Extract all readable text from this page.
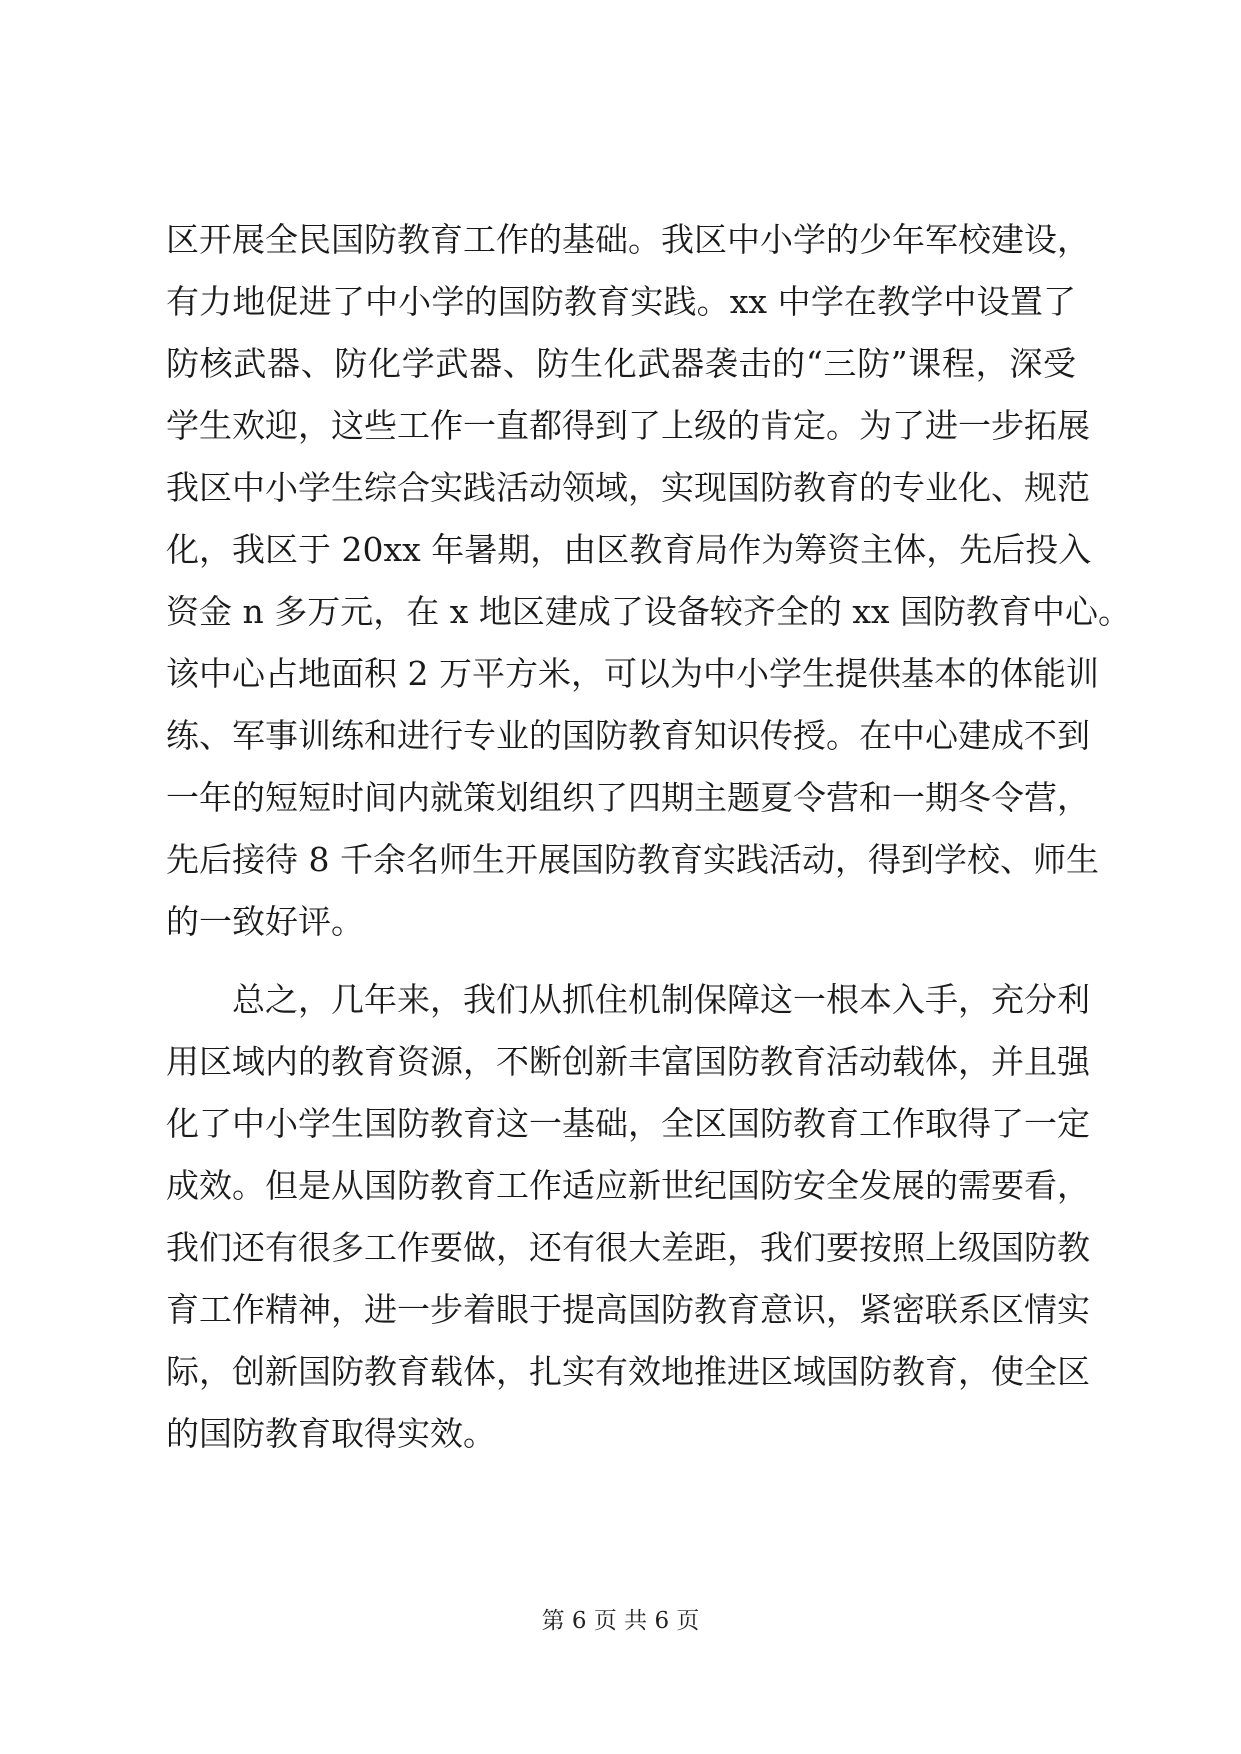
区开展全民国防教育工作的基础。我区中小学的少年军校建设，
有力地促进了中小学的国防教育实践。xx 中学在教学中设置了
防核武器、防化学武器、防生化武器袭击的“三防”课程，深受
学生欢迎，这些工作一直都得到了上级的肯定。为了进一步拓展
我区中小学生综合实践活动领域，实现国防教育的专业化、规范
化，我区于 20xx 年暑期，由区教育局作为筹资主体，先后投入
资金 n 多万元，在 x 地区建成了设备较齐全的 xx 国防教育中心。
该中心占地面积 2 万平方米，可以为中小学生提供基本的体能训
练、军事训练和进行专业的国防教育知识传授。在中心建成不到
一年的短短时间内就策划组织了四期主题夏令营和一期冬令营，
先后接待 8 千余名师生开展国防教育实践活动，得到学校、师生
的一致好评。
　　总之，几年来，我们从抓住机制保障这一根本入手，充分利
用区域内的教育资源，不断创新丰富国防教育活动载体，并且强
化了中小学生国防教育这一基础，全区国防教育工作取得了一定
成效。但是从国防教育工作适应新世纪国防安全发展的需要看，
我们还有很多工作要做，还有很大差距，我们要按照上级国防教
育工作精神，进一步着眼于提高国防教育意识，紧密联系区情实
际，创新国防教育载体，扎实有效地推进区域国防教育，使全区
的国防教育取得实效。
第 6 页 共 6 页
